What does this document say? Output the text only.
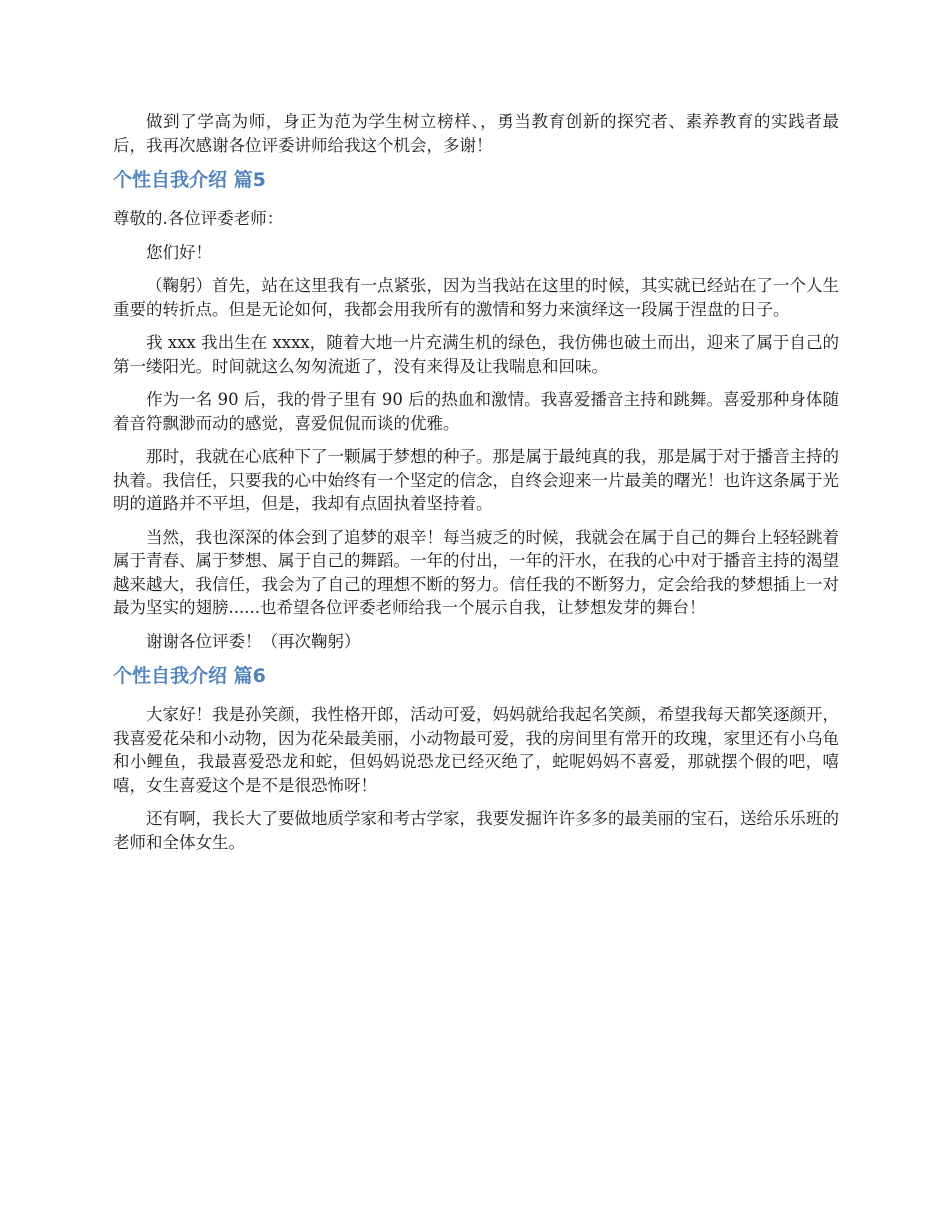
做到了学高为师，身正为范为学生树立榜样、，勇当教育创新的探究者、素养教育的实践者最后，我再次感谢各位评委讲师给我这个机会，多谢！

个性自我介绍 篇5

尊敬的.各位评委老师：

您们好！

（鞠躬）首先，站在这里我有一点紧张，因为当我站在这里的时候，其实就已经站在了一个人生重要的转折点。但是无论如何，我都会用我所有的激情和努力来演绎这一段属于涅盘的日子。

我 xxx 我出生在 xxxx，随着大地一片充满生机的绿色，我仿佛也破土而出，迎来了属于自己的第一缕阳光。时间就这么匆匆流逝了，没有来得及让我喘息和回味。

作为一名 90 后，我的骨子里有 90 后的热血和激情。我喜爱播音主持和跳舞。喜爱那种身体随着音符飘渺而动的感觉，喜爱侃侃而谈的优雅。

那时，我就在心底种下了一颗属于梦想的种子。那是属于最纯真的我，那是属于对于播音主持的执着。我信任，只要我的心中始终有一个坚定的信念，自终会迎来一片最美的曙光！也许这条属于光明的道路并不平坦，但是，我却有点固执着坚持着。

当然，我也深深的体会到了追梦的艰辛！每当疲乏的时候，我就会在属于自己的舞台上轻轻跳着属于青春、属于梦想、属于自己的舞蹈。一年的付出，一年的汗水，在我的心中对于播音主持的渴望越来越大，我信任，我会为了自己的理想不断的努力。信任我的不断努力，定会给我的梦想插上一对最为坚实的翅膀......也希望各位评委老师给我一个展示自我，让梦想发芽的舞台！

谢谢各位评委！（再次鞠躬）

个性自我介绍 篇6

大家好！我是孙笑颜，我性格开郎，活动可爱，妈妈就给我起名笑颜，希望我每天都笑逐颜开，我喜爱花朵和小动物，因为花朵最美丽，小动物最可爱，我的房间里有常开的玫瑰，家里还有小乌龟和小鲤鱼，我最喜爱恐龙和蛇，但妈妈说恐龙已经灭绝了，蛇呢妈妈不喜爱，那就摆个假的吧，嘻嘻，女生喜爱这个是不是很恐怖呀！

还有啊，我长大了要做地质学家和考古学家，我要发掘许许多多的最美丽的宝石，送给乐乐班的老师和全体女生。
